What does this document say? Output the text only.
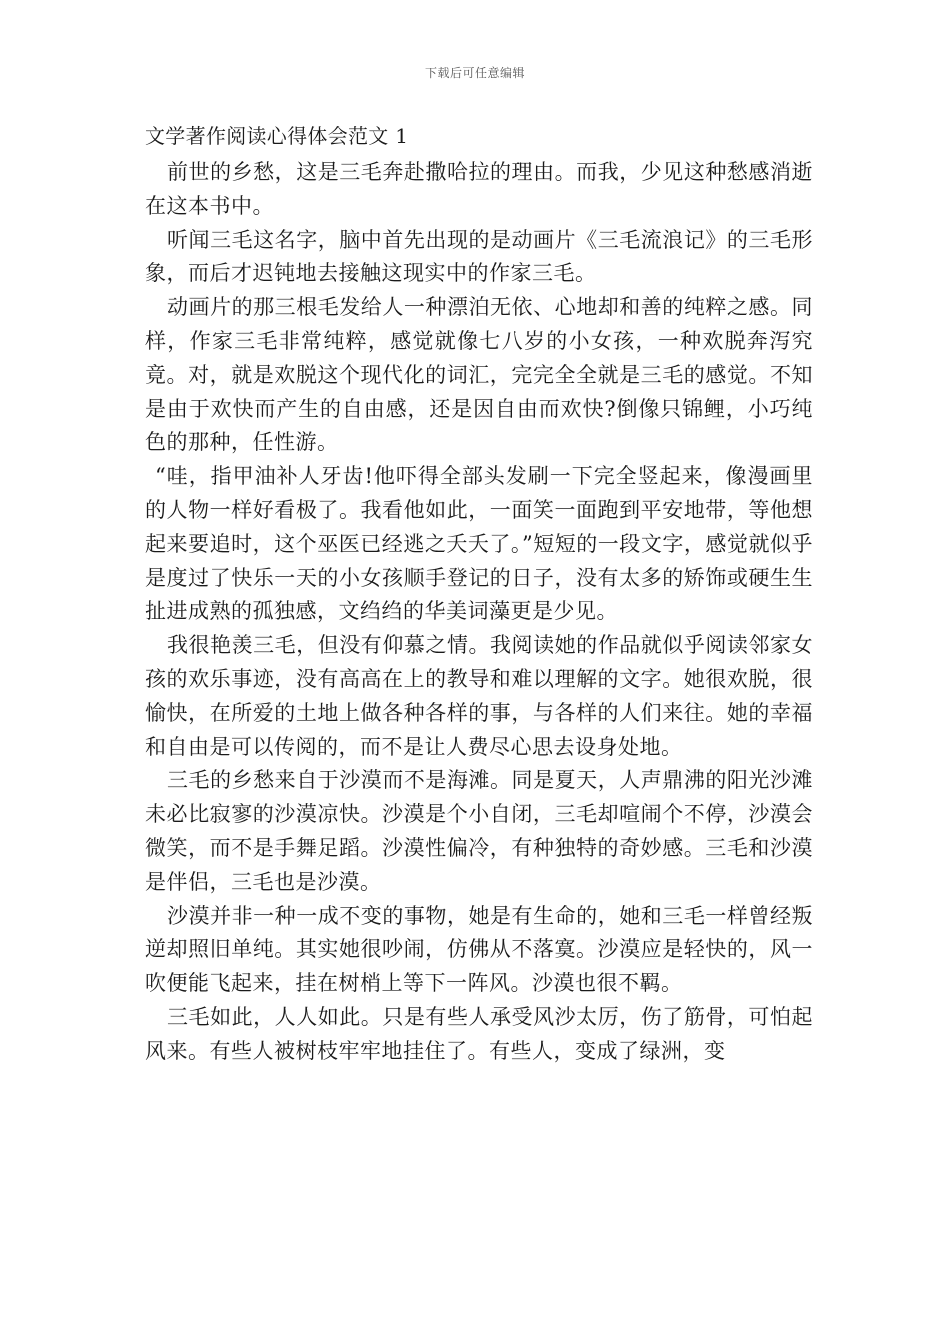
下载后可任意编辑
文学著作阅读心得体会范文 1

前世的乡愁，这是三毛奔赴撒哈拉的理由。而我，少见这种愁感消逝在这本书中。

听闻三毛这名字，脑中首先出现的是动画片《三毛流浪记》的三毛形象，而后才迟钝地去接触这现实中的作家三毛。

动画片的那三根毛发给人一种漂泊无依、心地却和善的纯粹之感。同样，作家三毛非常纯粹，感觉就像七八岁的小女孩，一种欢脱奔泻究竟。对，就是欢脱这个现代化的词汇，完完全全就是三毛的感觉。不知是由于欢快而产生的自由感，还是因自由而欢快?倒像只锦鲤，小巧纯色的那种，任性游。

“哇，指甲油补人牙齿!他吓得全部头发刷一下完全竖起来，像漫画里的人物一样好看极了。我看他如此，一面笑一面跑到平安地带，等他想起来要追时，这个巫医已经逃之夭夭了。”短短的一段文字，感觉就似乎是度过了快乐一天的小女孩顺手登记的日子，没有太多的矫饰或硬生生扯进成熟的孤独感，文绉绉的华美词藻更是少见。

我很艳羡三毛，但没有仰慕之情。我阅读她的作品就似乎阅读邻家女孩的欢乐事迹，没有高高在上的教导和难以理解的文字。她很欢脱，很愉快，在所爱的土地上做各种各样的事，与各样的人们来往。她的幸福和自由是可以传阅的，而不是让人费尽心思去设身处地。

三毛的乡愁来自于沙漠而不是海滩。同是夏天，人声鼎沸的阳光沙滩未必比寂寥的沙漠凉快。沙漠是个小自闭，三毛却喧闹个不停，沙漠会微笑，而不是手舞足蹈。沙漠性偏冷，有种独特的奇妙感。三毛和沙漠是伴侣，三毛也是沙漠。

沙漠并非一种一成不变的事物，她是有生命的，她和三毛一样曾经叛逆却照旧单纯。其实她很吵闹，仿佛从不落寞。沙漠应是轻快的，风一吹便能飞起来，挂在树梢上等下一阵风。沙漠也很不羁。

三毛如此，人人如此。只是有些人承受风沙太厉，伤了筋骨，可怕起风来。有些人被树枝牢牢地挂住了。有些人，变成了绿洲，变
